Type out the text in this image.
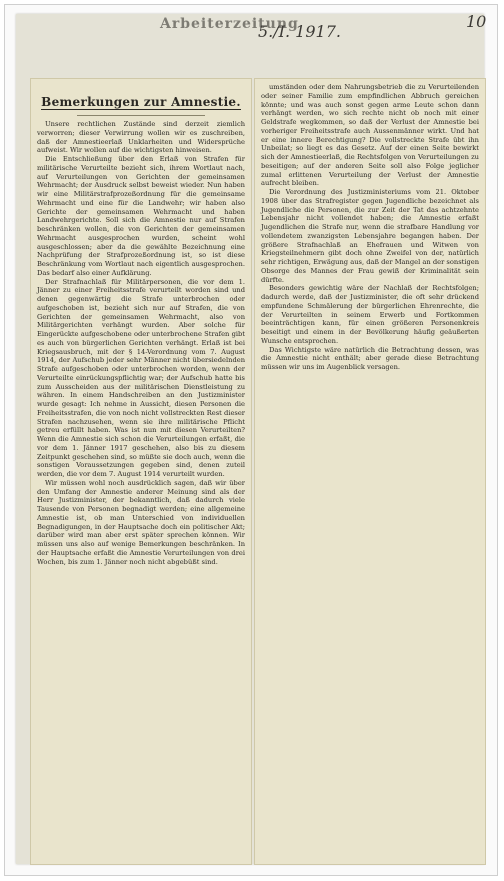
Arbeiterzeitung
5./I. 1917.
10
Bemerkungen zur Amnestie.

Unsere rechtlichen Zustände sind derzeit ziemlich verworren; dieser Verwirrung wollen wir es zuschreiben, daß der Amnestieerlaß Unklarheiten und Widersprüche aufweist. Wir wollen auf die wichtigsten hinweisen.

Die Entschließung über den Erlaß von Strafen für militärische Verurteilte bezieht sich, ihrem Wortlaut nach, auf Verurteilungen von Gerichten der gemeinsamen Wehrmacht; der Ausdruck selbst beweist wieder. Nun haben wir eine Militärstrafprozeßordnung für die gemeinsame Wehrmacht und eine für die Landwehr; wir haben also Gerichte der gemeinsamen Wehrmacht und haben Landwehrgerichte. Soll sich die Amnestie nur auf Strafen beschränken wollen, die von Gerichten der gemeinsamen Wehrmacht ausgesprochen wurden, scheint wohl ausgeschlossen; aber da die gewählte Bezeichnung eine Nachprüfung der Strafprozeßordnung ist, so ist diese Beschränkung vom Wortlaut nach eigentlich ausgesprochen. Das bedarf also einer Aufklärung.

Der Strafnachlaß für Militärpersonen, die vor dem 1. Jänner zu einer Freiheitsstrafe verurteilt worden sind und denen gegenwärtig die Strafe unterbrochen oder aufgeschoben ist, bezieht sich nur auf Strafen, die von Gerichten der gemeinsamen Wehrmacht, also von Militärgerichten verhängt wurden. Aber solche für Eingerückte aufgeschobene oder unterbrochene Strafen gibt es auch von bürgerlichen Gerichten verhängt. Erlaß ist bei Kriegsausbruch, mit der § 14-Verordnung vom 7. August 1914, der Aufschub jeder sehr Männer nicht übersiedelnden Strafe aufgeschoben oder unterbrochen worden, wenn der Verurteilte einrückungspflichtig war; der Aufschub hatte bis zum Ausscheiden aus der militärischen Dienstleistung zu währen. In einem Handschreiben an den Justizminister wurde gesagt: Ich nehme in Aussicht, diesen Personen die Freiheitsstrafen, die von noch nicht vollstreckten Rest dieser Strafen nachzusehen, wenn sie ihre militärische Pflicht getreu erfüllt haben. Was ist nun mit diesen Verurteilten? Wenn die Amnestie sich schon die Verurteilungen erfaßt, die vor dem 1. Jänner 1917 geschehen, also bis zu diesem Zeitpunkt geschehen sind, so müßte sie doch auch, wenn die sonstigen Voraussetzungen gegeben sind, denen zuteil werden, die vor dem 7. August 1914 verurteilt wurden.

Wir müssen wohl noch ausdrücklich sagen, daß wir über den Umfang der Amnestie anderer Meinung sind als der Herr Justizminister, der bekanntlich, daß dadurch viele Tausende von Personen begnadigt werden; eine allgemeine Amnestie ist, ob man Unterschied von individuellen Begnadigungen, in der Hauptsache doch ein politischer Akt; darüber wird man aber erst später sprechen können. Wir müssen uns also auf wenige Bemerkungen beschränken. In der Hauptsache erfaßt die Amnestie Verurteilungen von drei Wochen, bis zum 1. Jänner noch nicht abgebüßt sind.

umständen oder dem Nahrungsbetrieb die zu Verurteilenden oder seiner Familie zum empfindlichen Abbruch gereichen könnte; und was auch sonst gegen arme Leute schon dann verhängt werden, wo sich rechte nicht ob noch mit einer Geldstrafe wegkommen, so daß der Verlust der Amnestie bei vorheriger Freiheitsstrafe auch Aussenmänner wirkt. Und hat er eine innere Berechtigung? Die vollstreckte Strafe übt ihn Unbeilat; so liegt es das Gesetz. Auf der einen Seite bewirkt sich der Amnestieerlaß, die Rechtsfolgen von Verurteilungen zu beseitigen; auf der anderen Seite soll also Folge jeglicher zumal erlittenen Verurteilung der Verlust der Amnestie aufrecht bleiben.

Die Verordnung des Justizministeriums vom 21. Oktober 1908 über das Strafregister gegen Jugendliche bezeichnet als Jugendliche die Personen, die zur Zeit der Tat das achtzehnte Lebensjahr nicht vollendet haben; die Amnestie erfaßt Jugendlichen die Strafe nur, wenn die strafbare Handlung vor vollendetem zwanzigsten Lebensjahre begangen haben. Der größere Strafnachlaß an Ehefrauen und Witwen von Kriegsteilnehmern gibt doch ohne Zweifel von der, natürlich sehr richtigen, Erwägung aus, daß der Mangel an der sonstigen Obsorge des Mannes der Frau gewiß der Kriminalität sein dürfte.

Besonders gewichtig wäre der Nachlaß der Rechtsfolgen; dadurch werde, daß der Justizminister, die oft sehr drückend empfundene Schmälerung der bürgerlichen Ehrenrechte, die der Verurteilten in seinem Erwerb und Fortkommen beeinträchtigen kann, für einen größeren Personenkreis beseitigt und einem in der Bevölkerung häufig geäußerten Wunsche entsprochen.

Das Wichtigste wäre natürlich die Betrachtung dessen, was die Amnestie nicht enthält; aber gerade diese Betrachtung müssen wir uns im Augenblick versagen.
